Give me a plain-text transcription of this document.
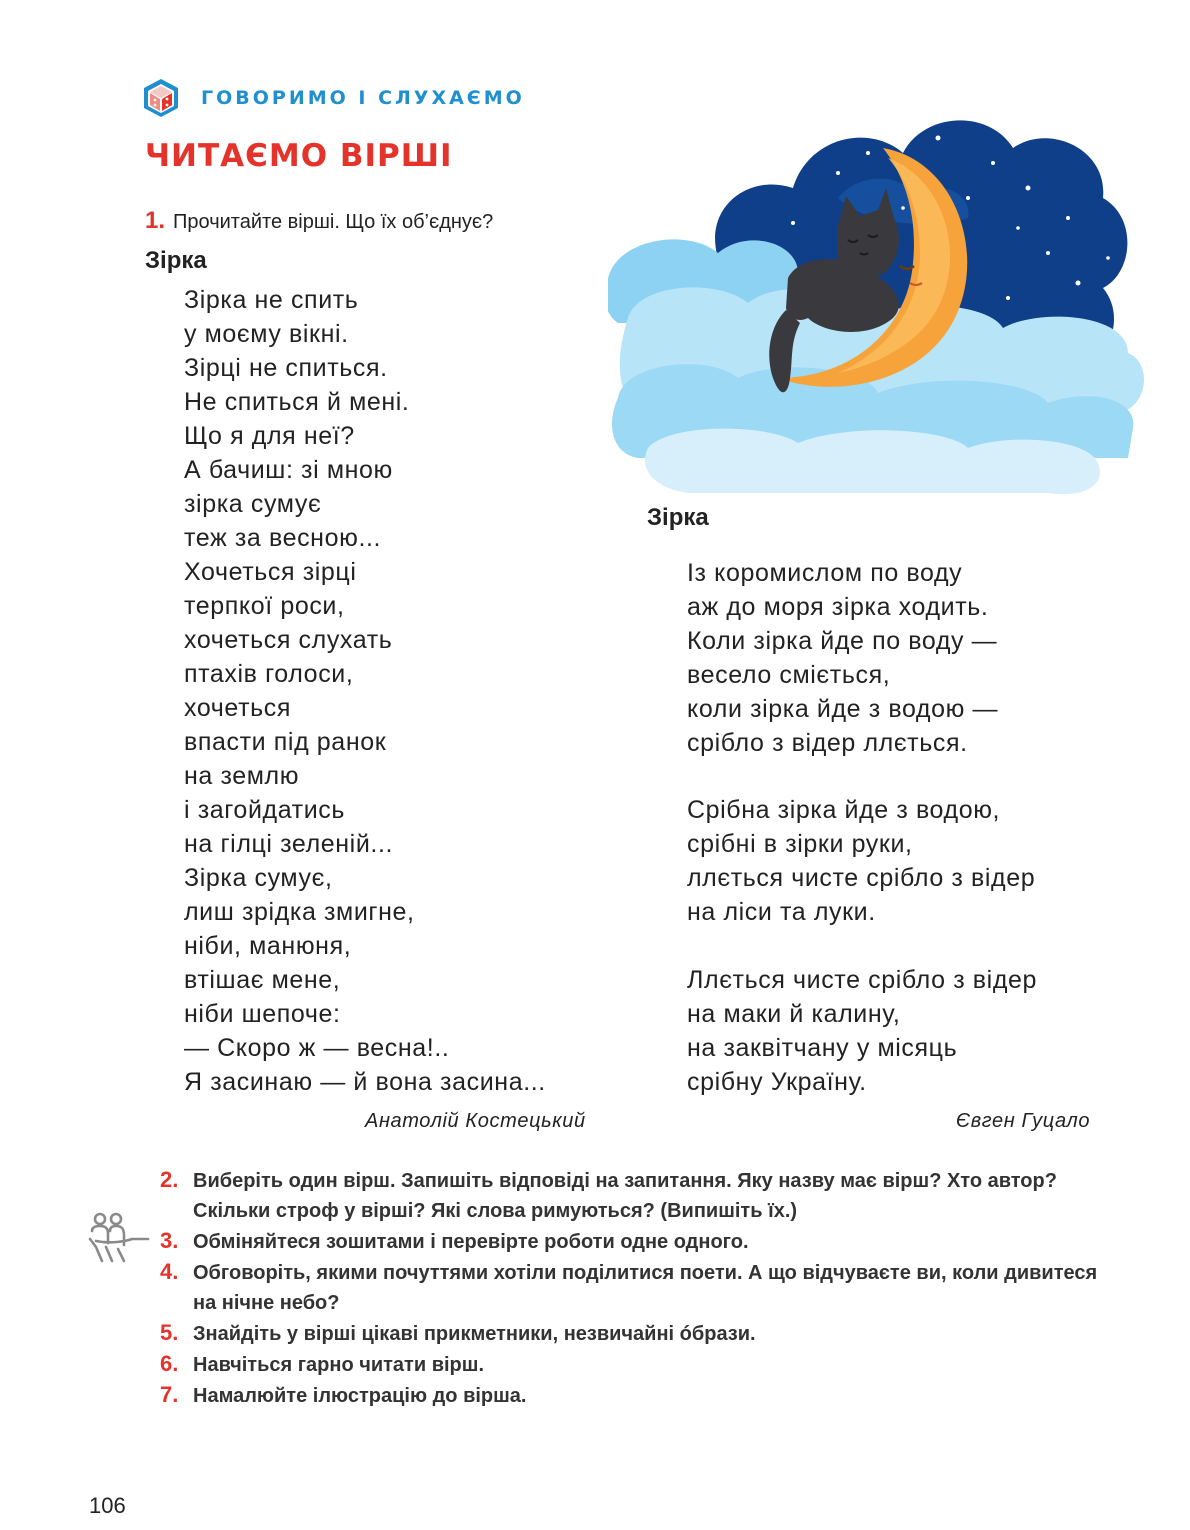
ГОВОРИМО І СЛУХАЄМО
ЧИТАЄМО ВІРШІ
1. Прочитайте вірші. Що їх об’єднує?
Зірка
Зірка не спить
у моєму вікні.
Зірці не спиться.
Не спиться й мені.
Що я для неї?
А бачиш: зі мною
зірка сумує
теж за весною...
Хочеться зірці
терпкої роси,
хочеться слухать
птахів голоси,
хочеться
впасти під ранок
на землю
і загойдатись
на гілці зеленій...
Зірка сумує,
лиш зрідка змигне,
ніби, манюня,
втішає мене,
ніби шепоче:
— Скоро ж — весна!..
Я засинаю — й вона засина...
Анатолій Костецький
Зірка
Із коромислом по воду
аж до моря зірка ходить.
Коли зірка йде по воду —
весело сміється,
коли зірка йде з водою —
срібло з відер ллється.
Срібна зірка йде з водою,
срібні в зірки руки,
ллється чисте срібло з відер
на ліси та луки.
Ллється чисте срібло з відер
на маки й калину,
на заквітчану у місяць
срібну Україну.
Євген Гуцало
2. Виберіть один вірш. Запишіть відповіді на запитання. Яку назву має вірш? Хто автор? Скільки строф у вірші? Які слова римуються? (Випишіть їх.)
3. Обміняйтеся зошитами і перевірте роботи одне одного.
4. Обговоріть, якими почуттями хотіли поділитися поети. А що відчуваєте ви, коли дивитеся на нічне небо?
5. Знайдіть у вірші цікаві прикметники, незвичайні óбрази.
6. Навчіться гарно читати вірш.
7. Намалюйте ілюстрацію до вірша.
106
